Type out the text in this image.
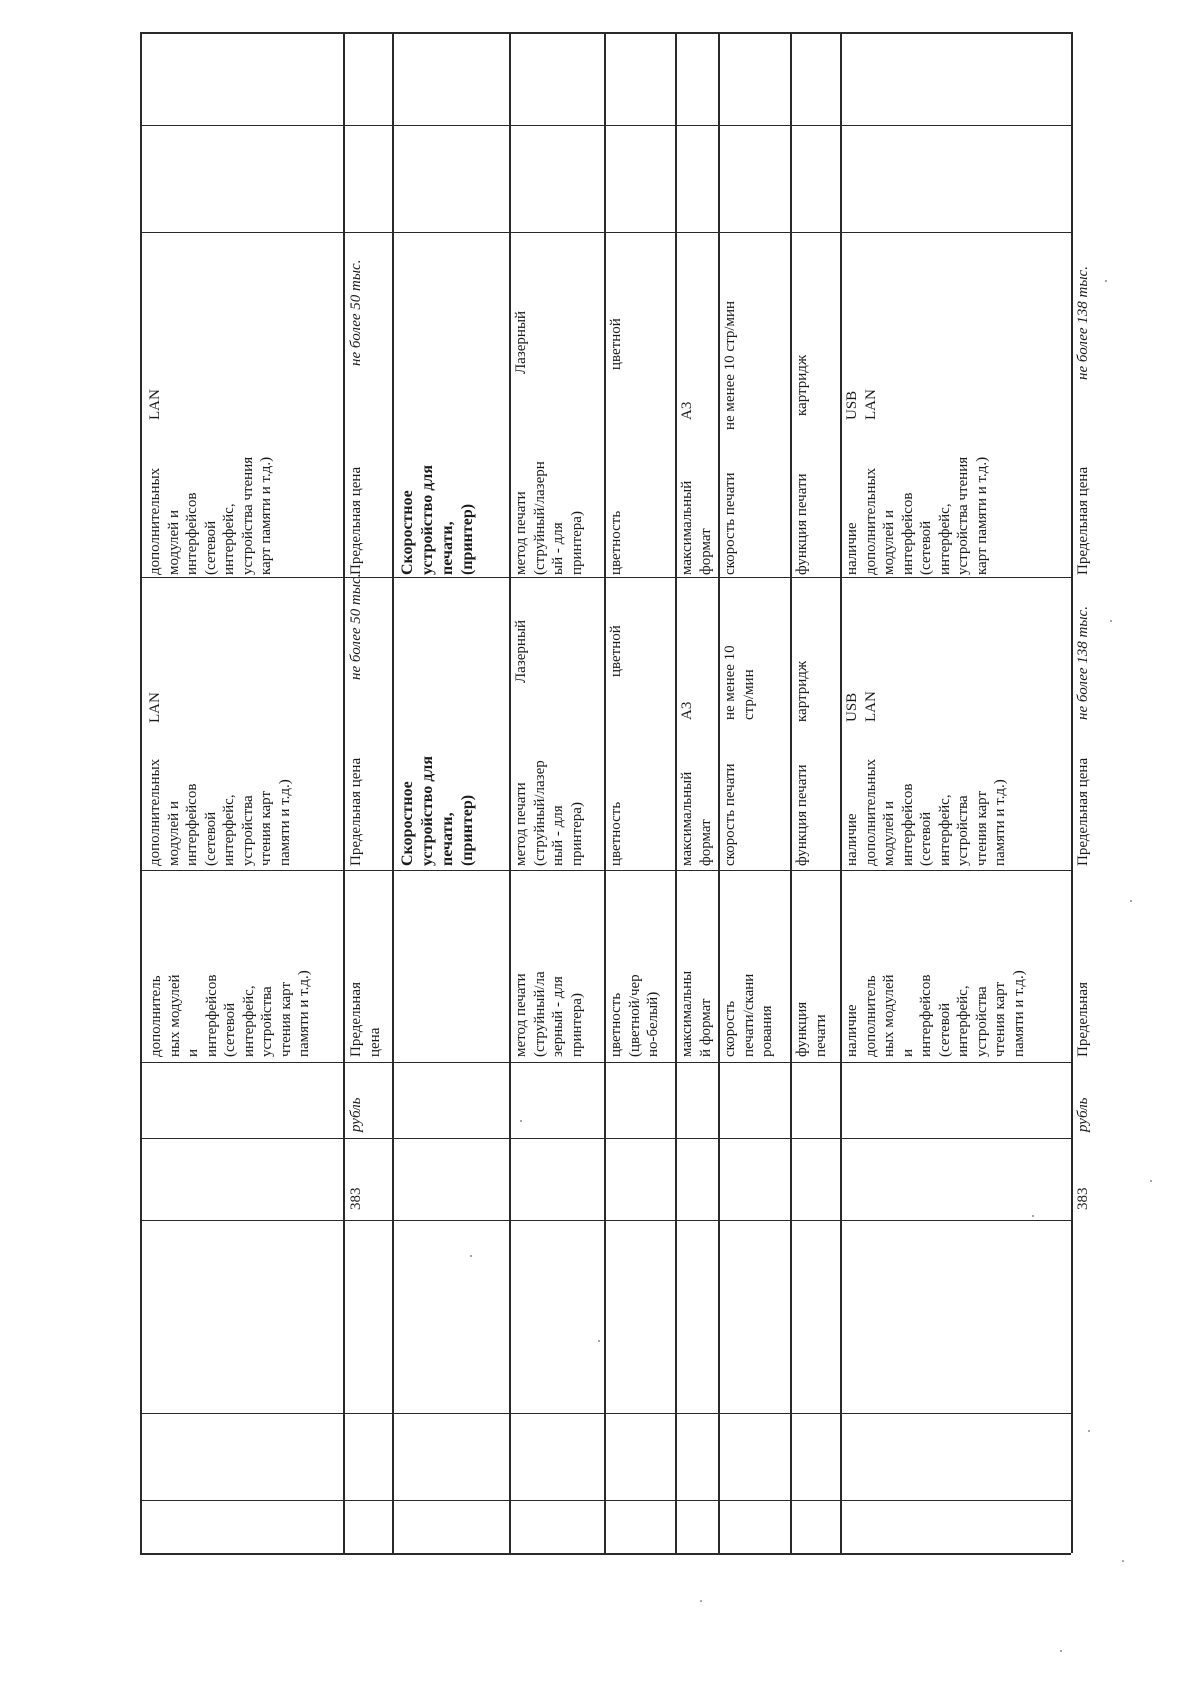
дополнитель
ных модулей
и
интерфейсов
(сетевой
интерфейс,
устройства
чтения карт
памяти и т.д.)
дополнительных
модулей и
интерфейсов
(сетевой
интерфейс,
устройства
чтения карт
памяти и т.д.)
LAN
дополнительных
модулей и
интерфейсов
(сетевой
интерфейс,
устройства чтения
карт памяти и т.д.)
LAN
383
рубль
Предельная
цена
Предельная цена
не более 50 тыс.
Предельная цена
не более 50 тыс.
Скоростное
устройство для
печати,
(принтер)
Скоростное
устройство для
печати,
(принтер)
метод печати
(струйный/ла
зерный - для
принтера)
метод печати
(струйный/лазер
ный - для
принтера)
Лазерный
метод печати
(струйный/лазерн
ый - для
принтера)
Лазерный
цветность
(цветной/чер
но-белый)
цветность
цветной
цветность
цветной
максимальны
й формат
максимальный
формат
А3
максимальный
формат
А3
скорость
печати/скани
рования
скорость печати
не менее 10
стр/мин
скорость печати
не менее 10 стр/мин
функция
печати
функция печати
картридж
функция печати
картридж
наличие
дополнитель
ных модулей
и
интерфейсов
(сетевой
интерфейс,
устройства
чтения карт
памяти и т.д.)
наличие
дополнительных
модулей и
интерфейсов
(сетевой
интерфейс,
устройства
чтения карт
памяти и т.д.)
USB
LAN
наличие
дополнительных
модулей и
интерфейсов
(сетевой
интерфейс,
устройства чтения
карт памяти и т.д.)
USB
LAN
383
рубль
Предельная
Предельная цена
не более 138 тыс.
Предельная цена
не более 138 тыс.
